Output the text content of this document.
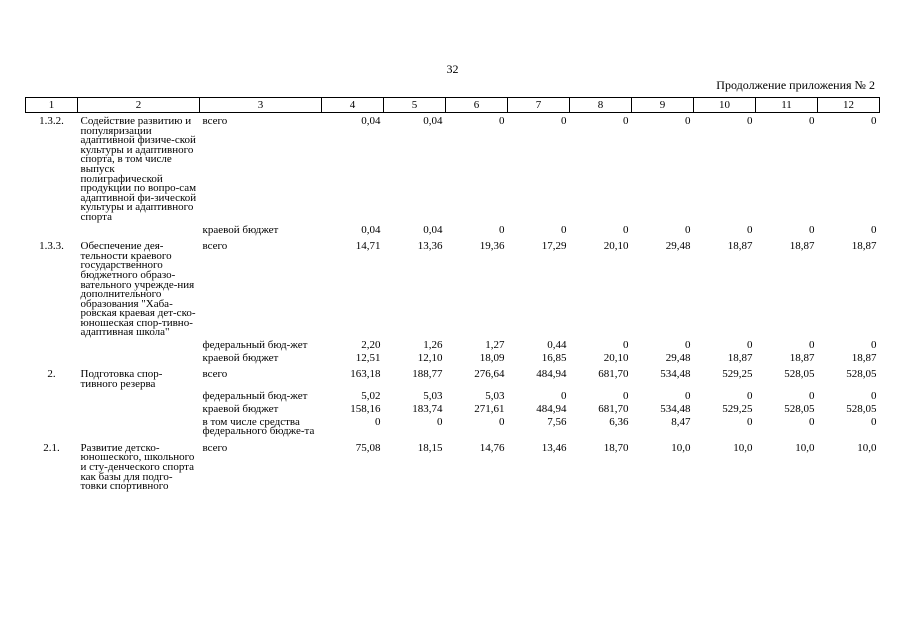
32
Продолжение приложения № 2
1	2	3	4	5	6	7	8	9	10	11	12
1.3.2.	Содействие развитию и популяризации адаптивной физиче-ской культуры и адаптивного спорта, в том числе выпуск полиграфической продукции по вопро-сам адаптивной фи-зической культуры и адаптивного спорта	всего	0,04	0,04	0	0	0	0	0	0	0
		краевой бюджет	0,04	0,04	0	0	0	0	0	0	0
1.3.3.	Обеспечение дея-тельности краевого государственного бюджетного образо-вательного учрежде-ния дополнительного образования "Хаба-ровская краевая дет-ско-юношеская спор-тивно-адаптивная школа"	всего	14,71	13,36	19,36	17,29	20,10	29,48	18,87	18,87	18,87
		федеральный бюд-жет	2,20	1,26	1,27	0,44	0	0	0	0	0
		краевой бюджет	12,51	12,10	18,09	16,85	20,10	29,48	18,87	18,87	18,87
2.	Подготовка спор-тивного резерва	всего	163,18	188,77	276,64	484,94	681,70	534,48	529,25	528,05	528,05
		федеральный бюд-жет	5,02	5,03	5,03	0	0	0	0	0	0
		краевой бюджет	158,16	183,74	271,61	484,94	681,70	534,48	529,25	528,05	528,05
		в том числе средства федерального бюдже-та	0	0	0	7,56	6,36	8,47	0	0	0
2.1.	Развитие детско-юношеского, школьного и сту-денческого спорта как базы для подго-товки спортивного	всего	75,08	18,15	14,76	13,46	18,70	10,0	10,0	10,0	10,0
